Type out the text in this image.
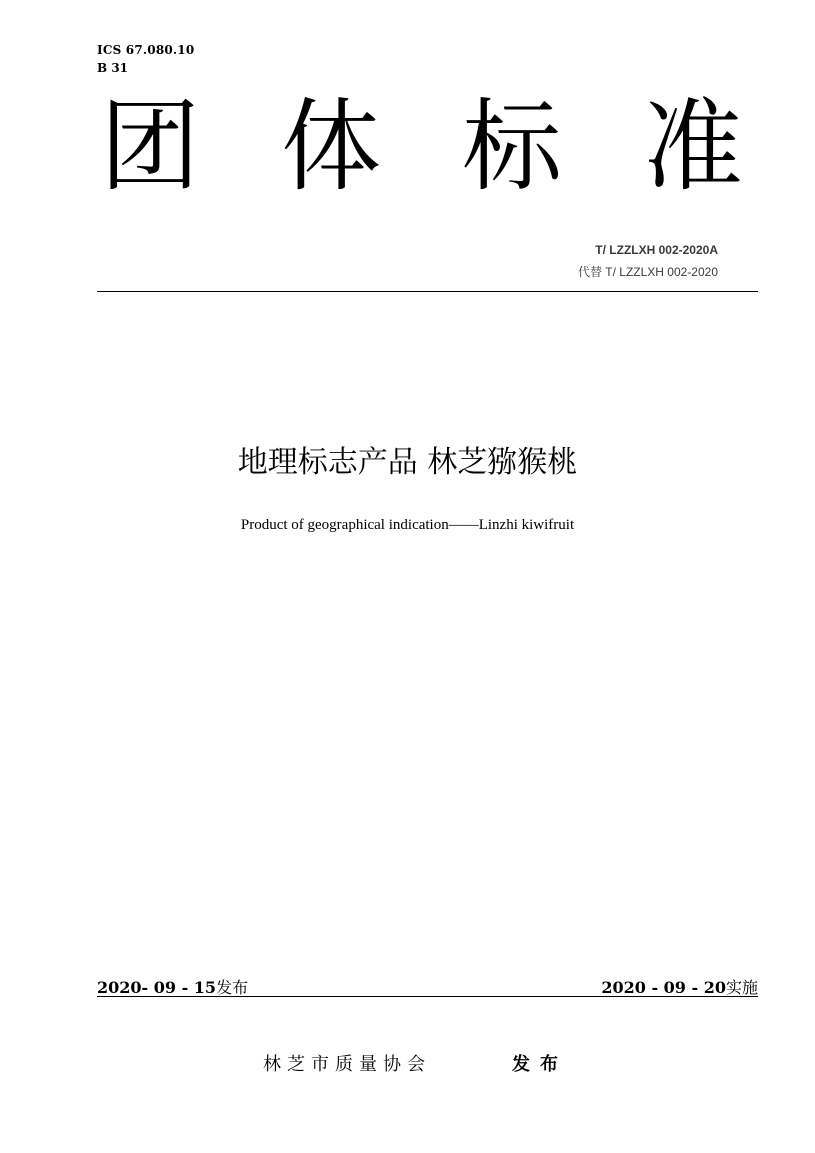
ICS 67.080.10
B 31
团 体 标 准
T/ LZZLXH 002-2020A
代替 T/ LZZLXH 002-2020
地理标志产品 林芝猕猴桃
Product of geographical indication——Linzhi kiwifruit
2020- 09 - 15发布	2020 - 09 - 20实施
林芝市质量协会	发布
